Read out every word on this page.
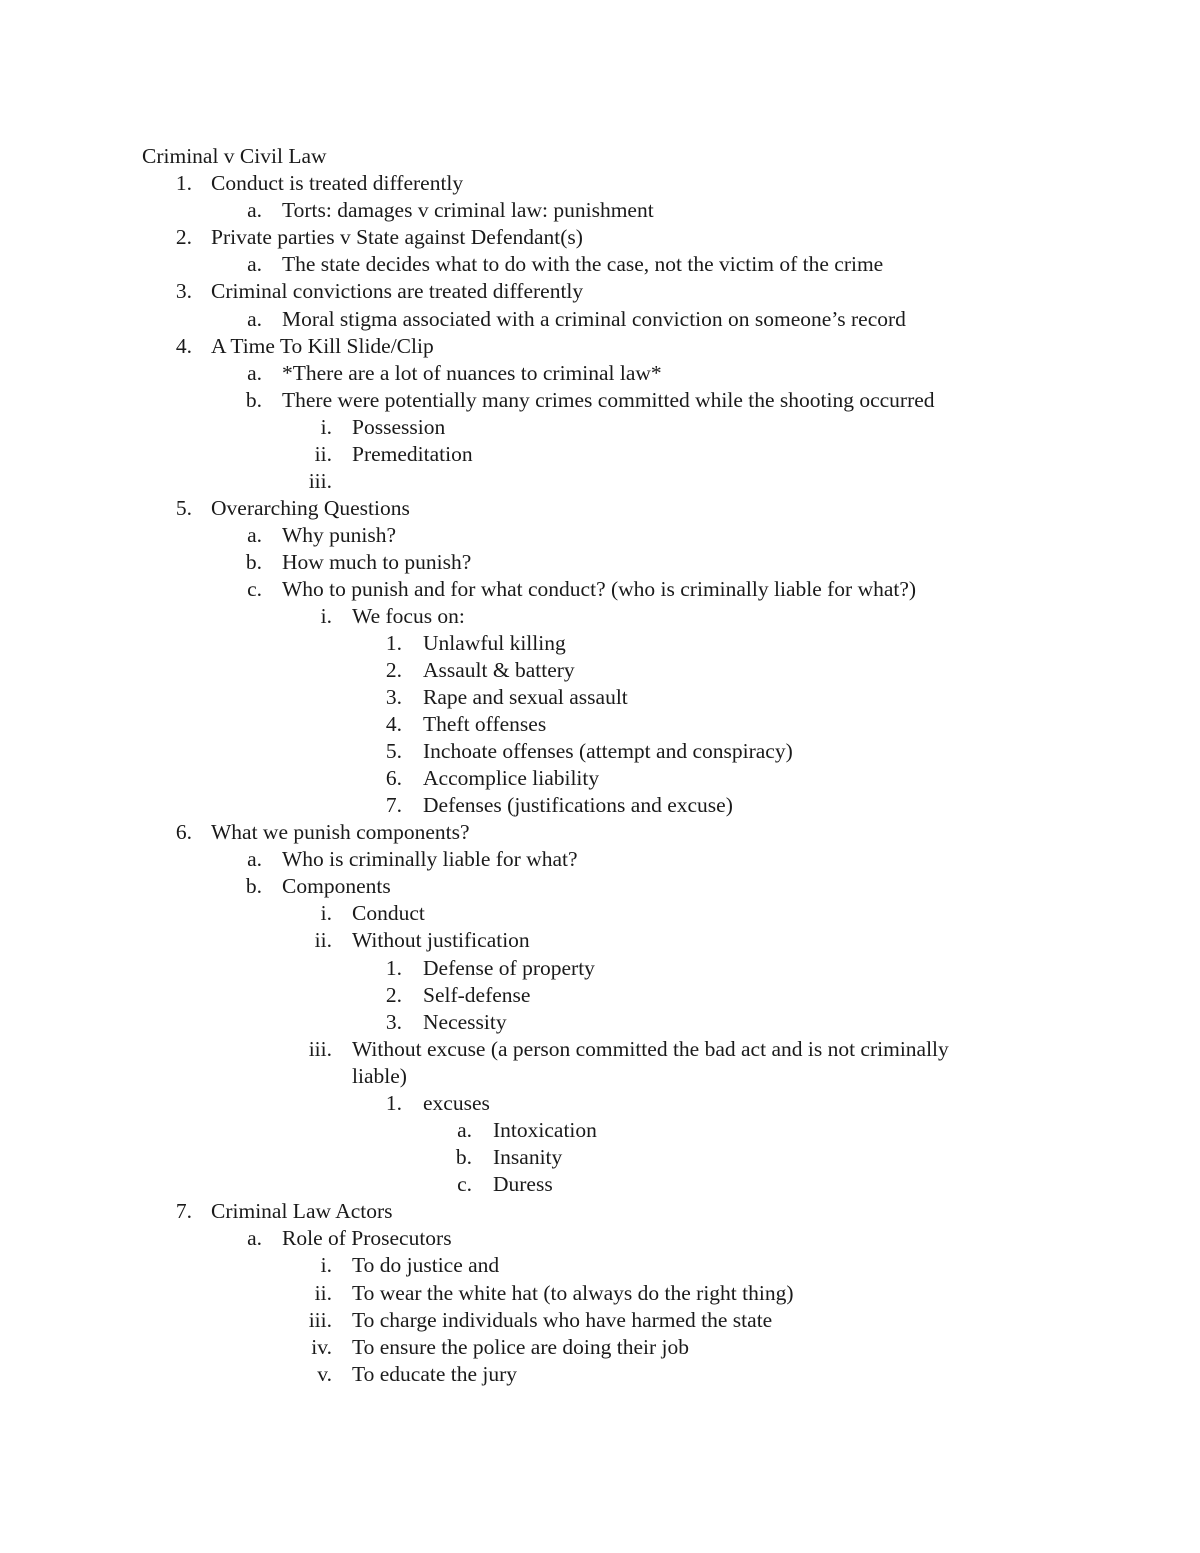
Criminal v Civil Law
1. Conduct is treated differently
a. Torts: damages v criminal law: punishment
2. Private parties v State against Defendant(s)
a. The state decides what to do with the case, not the victim of the crime
3. Criminal convictions are treated differently
a. Moral stigma associated with a criminal conviction on someone’s record
4. A Time To Kill Slide/Clip
a. *There are a lot of nuances to criminal law*
b. There were potentially many crimes committed while the shooting occurred
i. Possession
ii. Premeditation
iii.
5. Overarching Questions
a. Why punish?
b. How much to punish?
c. Who to punish and for what conduct? (who is criminally liable for what?)
i. We focus on:
1. Unlawful killing
2. Assault & battery
3. Rape and sexual assault
4. Theft offenses
5. Inchoate offenses (attempt and conspiracy)
6. Accomplice liability
7. Defenses (justifications and excuse)
6. What we punish components?
a. Who is criminally liable for what?
b. Components
i. Conduct
ii. Without justification
1. Defense of property
2. Self-defense
3. Necessity
iii. Without excuse (a person committed the bad act and is not criminally
liable)
1. excuses
a. Intoxication
b. Insanity
c. Duress
7. Criminal Law Actors
a. Role of Prosecutors
i. To do justice and
ii. To wear the white hat (to always do the right thing)
iii. To charge individuals who have harmed the state
iv. To ensure the police are doing their job
v. To educate the jury
